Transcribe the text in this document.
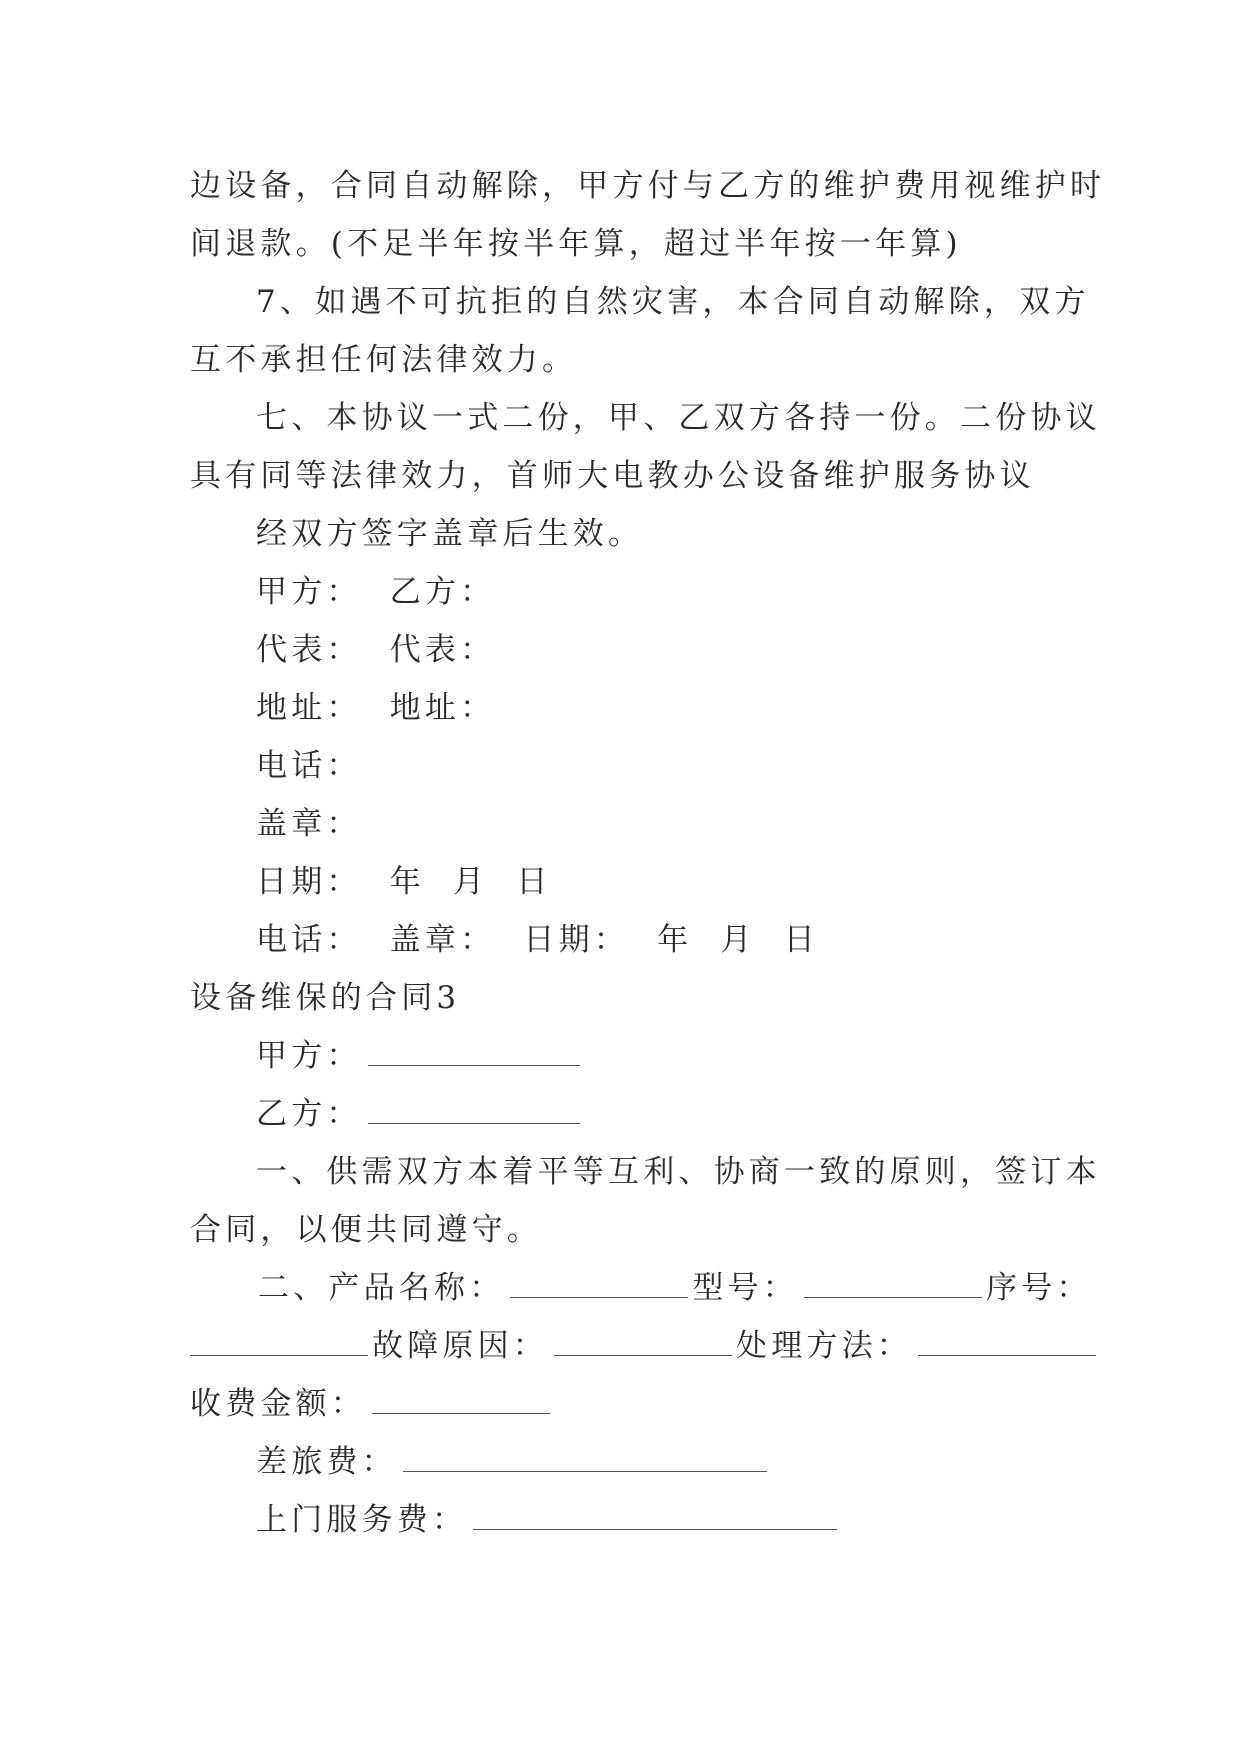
边设备，合同自动解除，甲方付与乙方的维护费用视维护时
间退款。(不足半年按半年算，超过半年按一年算)
7、如遇不可抗拒的自然灾害，本合同自动解除，双方
互不承担任何法律效力。
七、本协议一式二份，甲、乙双方各持一份。二份协议
具有同等法律效力，首师大电教办公设备维护服务协议
经双方签字盖章后生效。
甲方：  乙方：
代表：  代表：
地址：  地址：
电话：
盖章：
日期：  年  月  日
电话：  盖章：  日期：  年  月  日
设备维保的合同3
甲方：
乙方：
一、供需双方本着平等互利、协商一致的原则，签订本
合同，以便共同遵守。
二、产品名称：	型号：	序号：
故障原因：	处理方法：
收费金额：
差旅费：
上门服务费：
